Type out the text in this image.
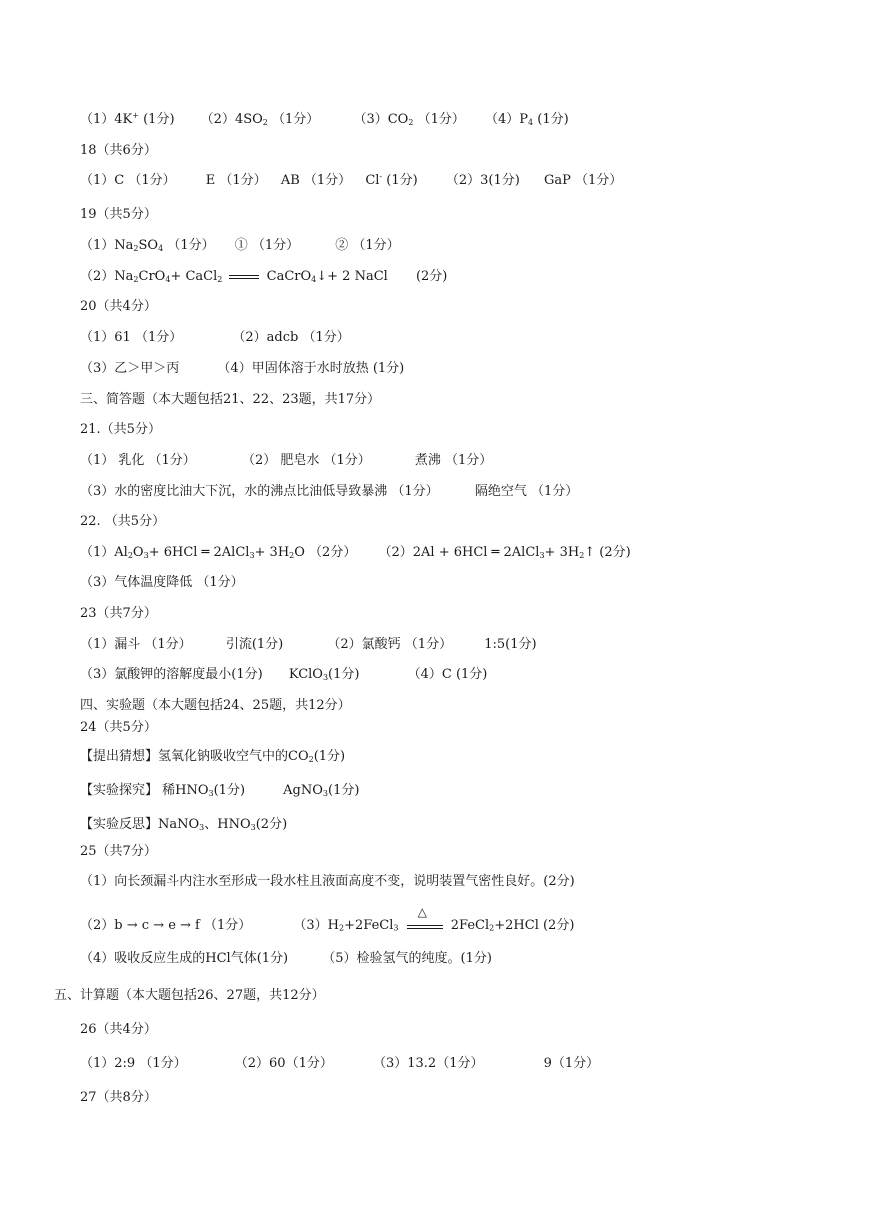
（1）4K+ (1分) $(2)4SO_2$ （1分）	$(3)CO_2$ （1分） $(4)P_4$ (1分)
18（共6分）
（1）C （1分） E （1分） AB （1分） Cl- (1分) （2）3(1分) GaP （1分）
19（共5分）
$(1)Na_2SO_4$ （1分） ① （1分）	② （1分）
$(2)Na_2CrO_4+$ CaCl$_2$	CaCrO$_4$↓+ 2 NaCl (2分)
20（共4分）
（1）61 （1分）	（2）adcb （1分）
（3）乙＞甲＞丙	（4）甲固体溶于水时放热 (1分)
三、简答题（本大题包括21、22、23题，共17分）
21.（共5分）
（1） 乳化 （1分）	（2） 肥皂水 （1分）	煮沸 （1分）
（3）水的密度比油大下沉，水的沸点比油低导致暴沸 （1分）	隔绝空气 （1分）
22. （共5分）
$(1)Al_2O_3+ 6HCl$ ═ 2AlCl$_3$+ $3H_2O$ （2分） （2）2Al + 6HCl ═ 2AlCl$_3$+ $3H_2↑$ (2分)
（3）气体温度降低 （1分）
23（共7分）
（1）漏斗 （1分）	引流(1分)	（2）氯酸钙 （1分） 1:5(1分)
（3）氯酸钾的溶解度最小(1分) KClO$_3$(1分)	（4）C (1分)
四、实验题（本大题包括24、25题，共12分）
24（共5分）
【提出猜想】氢氧化钠吸收空气中的$CO_2(1$分)
【实验探究】 稀$HNO_3(1$分)	AgNO$_3$(1分)
【实验反思】NaNO$_3$、$HNO_3(2$分)
25（共7分）
（1）向长颈漏斗内注水至形成一段水柱且液面高度不变，说明装置气密性良好。(2分)
（2）b → c → e → f （1分）	$(3)H_2+2FeCl_3$
△
2FeCl$_2$+2HCl (2分)
（4）吸收反应生成的HCl气体(1分)	（5）检验氢气的纯度。(1分)
五、计算题（本大题包括26、27题，共12分）
26（共4分）
（1）2:9 （1分）	（2）60（1分）	（3）13.2（1分）	9（1分）
27（共8分）
